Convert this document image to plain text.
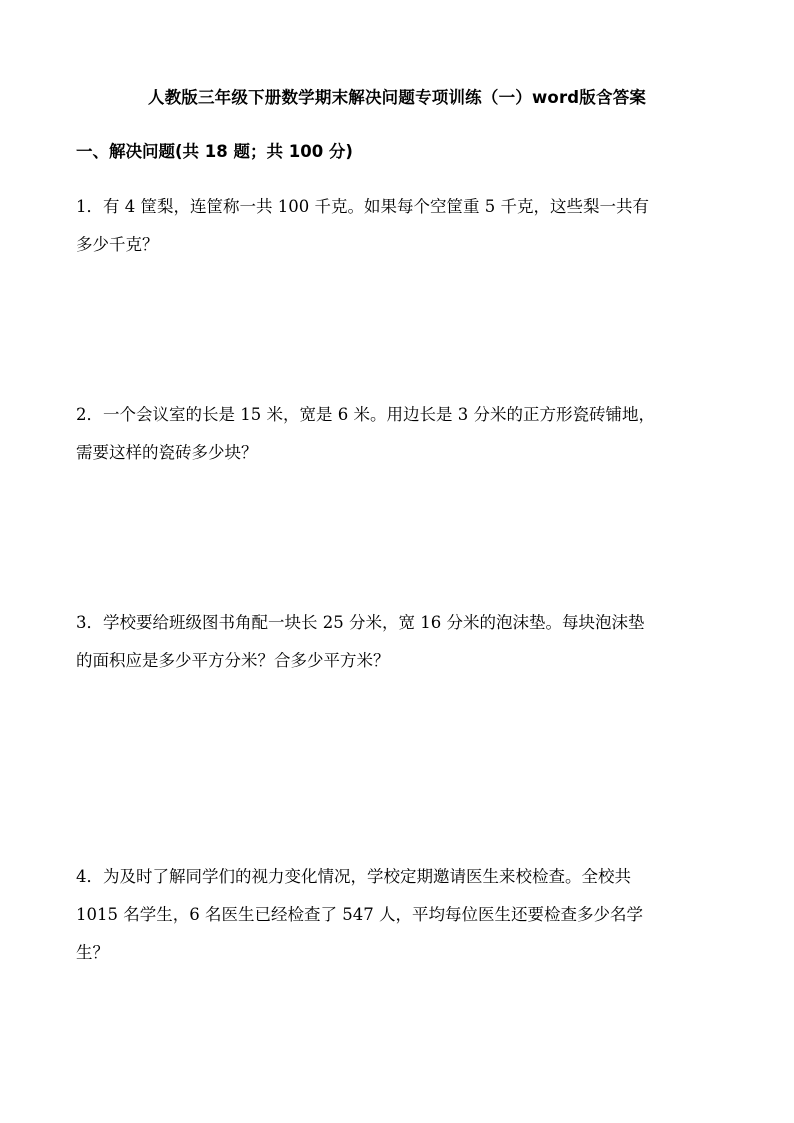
人教版三年级下册数学期末解决问题专项训练（一）word版含答案
一、解决问题(共 18 题；共 100 分)
1．有 4 筐梨，连筐称一共 100 千克。如果每个空筐重 5 千克，这些梨一共有
多少千克？
2．一个会议室的长是 15 米，宽是 6 米。用边长是 3 分米的正方形瓷砖铺地，
需要这样的瓷砖多少块？
3．学校要给班级图书角配一块长 25 分米，宽 16 分米的泡沫垫。每块泡沫垫
的面积应是多少平方分米？合多少平方米？
4．为及时了解同学们的视力变化情况，学校定期邀请医生来校检查。全校共
1015 名学生，6 名医生已经检查了 547 人，平均每位医生还要检查多少名学
生？
